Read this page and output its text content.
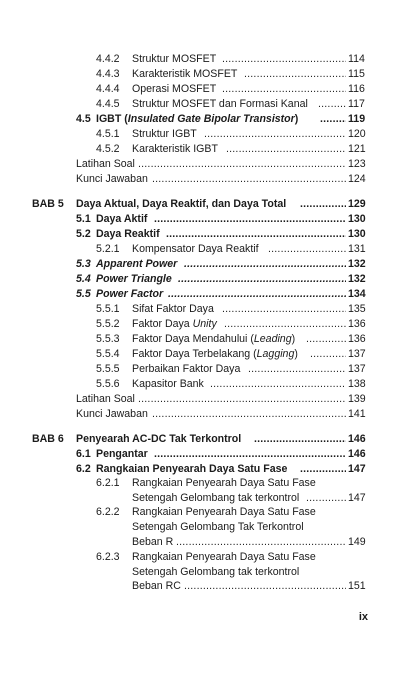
4.4.2 Struktur MOSFET .....	114
4.4.3 Karakteristik MOSFET .....	115
4.4.4 Operasi MOSFET .....	116
4.4.5 Struktur MOSFET dan Formasi Kanal .....	117
4.5 IGBT (Insulated Gate Bipolar Transistor) .....	119
4.5.1 Struktur IGBT .....	120
4.5.2 Karakteristik IGBT .....	121
Latihan Soal .....	123
Kunci Jawaban .....	124
BAB 5 Daya Aktual, Daya Reaktif, dan Daya Total .....	129
5.1 Daya Aktif .....	130
5.2 Daya Reaktif .....	130
5.2.1 Kompensator Daya Reaktif .....	131
5.3 Apparent Power .....	132
5.4 Power Triangle .....	132
5.5 Power Factor .....	134
5.5.1 Sifat Faktor Daya .....	135
5.5.2 Faktor Daya Unity .....	136
5.5.3 Faktor Daya Mendahului (Leading) .....	136
5.5.4 Faktor Daya Terbelakang (Lagging) .....	137
5.5.5 Perbaikan Faktor Daya .....	137
5.5.6 Kapasitor Bank .....	138
Latihan Soal .....	139
Kunci Jawaban .....	141
BAB 6 Penyearah AC-DC Tak Terkontrol .....	146
6.1 Pengantar .....	146
6.2 Rangkaian Penyearah Daya Satu Fase .....	147
6.2.1 Rangkaian Penyearah Daya Satu Fase
Setengah Gelombang tak terkontrol .....	147
6.2.2 Rangkaian Penyearah Daya Satu Fase
Setengah Gelombang Tak Terkontrol
Beban R .....	149
6.2.3 Rangkaian Penyearah Daya Satu Fase
Setengah Gelombang tak terkontrol
Beban RC .....	151
ix
